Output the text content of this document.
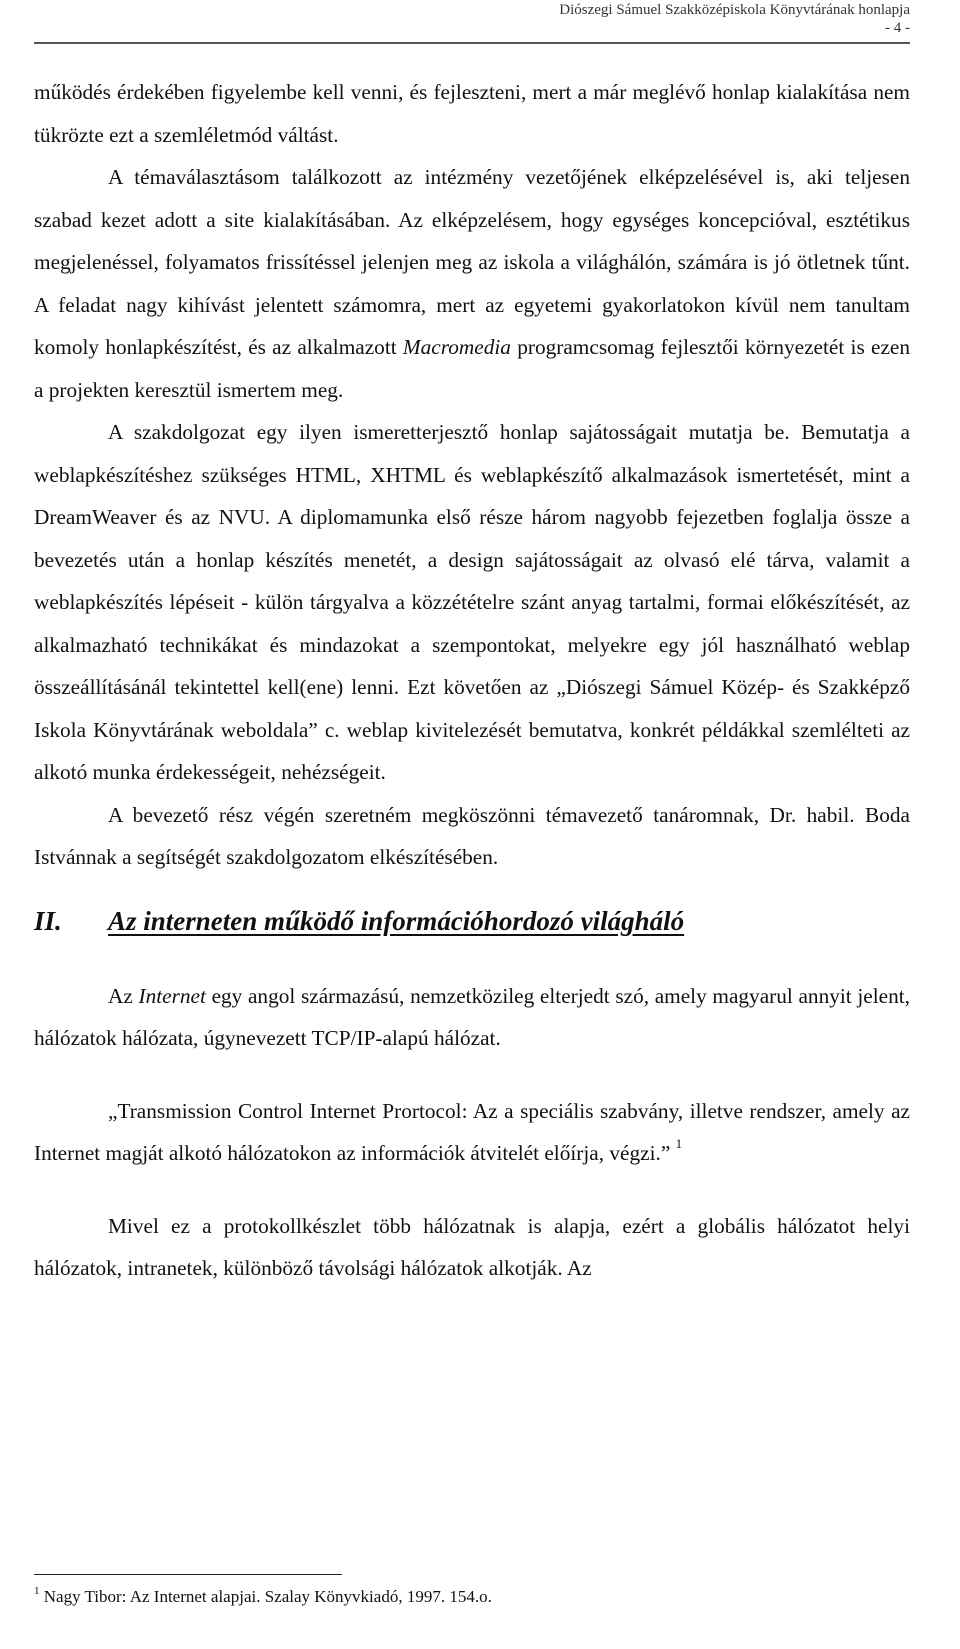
Diószegi Sámuel Szakközépiskola Könyvtárának honlapja
- 4 -

működés érdekében figyelembe kell venni, és fejleszteni, mert a már meglévő honlap kialakítása nem tükrözte ezt a szemléletmód váltást.

A témaválasztásom találkozott az intézmény vezetőjének elképzelésével is, aki teljesen szabad kezet adott a site kialakításában. Az elképzelésem, hogy egységes koncepcióval, esztétikus megjelenéssel, folyamatos frissítéssel jelenjen meg az iskola a világhálón, számára is jó ötletnek tűnt. A feladat nagy kihívást jelentett számomra, mert az egyetemi gyakorlatokon kívül nem tanultam komoly honlapkészítést, és az alkalmazott Macromedia programcsomag fejlesztői környezetét is ezen a projekten keresztül ismertem meg.

A szakdolgozat egy ilyen ismeretterjesztő honlap sajátosságait mutatja be. Bemutatja a weblapkészítéshez szükséges HTML, XHTML és weblapkészítő alkalmazások ismertetését, mint a DreamWeaver és az NVU. A diplomamunka első része három nagyobb fejezetben foglalja össze a bevezetés után a honlap készítés menetét, a design sajátosságait az olvasó elé tárva, valamit a weblapkészítés lépéseit - külön tárgyalva a közzétételre szánt anyag tartalmi, formai előkészítését, az alkalmazható technikákat és mindazokat a szempontokat, melyekre egy jól használható weblap összeállításánál tekintettel kell(ene) lenni. Ezt követően az „Diószegi Sámuel Közép- és Szakképző Iskola Könyvtárának weboldala” c. weblap kivitelezését bemutatva, konkrét példákkal szemlélteti az alkotó munka érdekességeit, nehézségeit.

A bevezető rész végén szeretném megköszönni témavezető tanáromnak, Dr. habil. Boda Istvánnak a segítségét szakdolgozatom elkészítésében.

II.	Az interneten működő információhordozó világháló

Az Internet egy angol származású, nemzetközileg elterjedt szó, amely magyarul annyit jelent, hálózatok hálózata, úgynevezett TCP/IP-alapú hálózat.

„Transmission Control Internet Prortocol: Az a speciális szabvány, illetve rendszer, amely az Internet magját alkotó hálózatokon az információk átvitelét előírja, végzi.” $^1$

Mivel ez a protokollkészlet több hálózatnak is alapja, ezért a globális hálózatot helyi hálózatok, intranetek, különböző távolsági hálózatok alkotják. Az

$^1$ Nagy Tibor: Az Internet alapjai. Szalay Könyvkiadó, 1997. 154.o.
